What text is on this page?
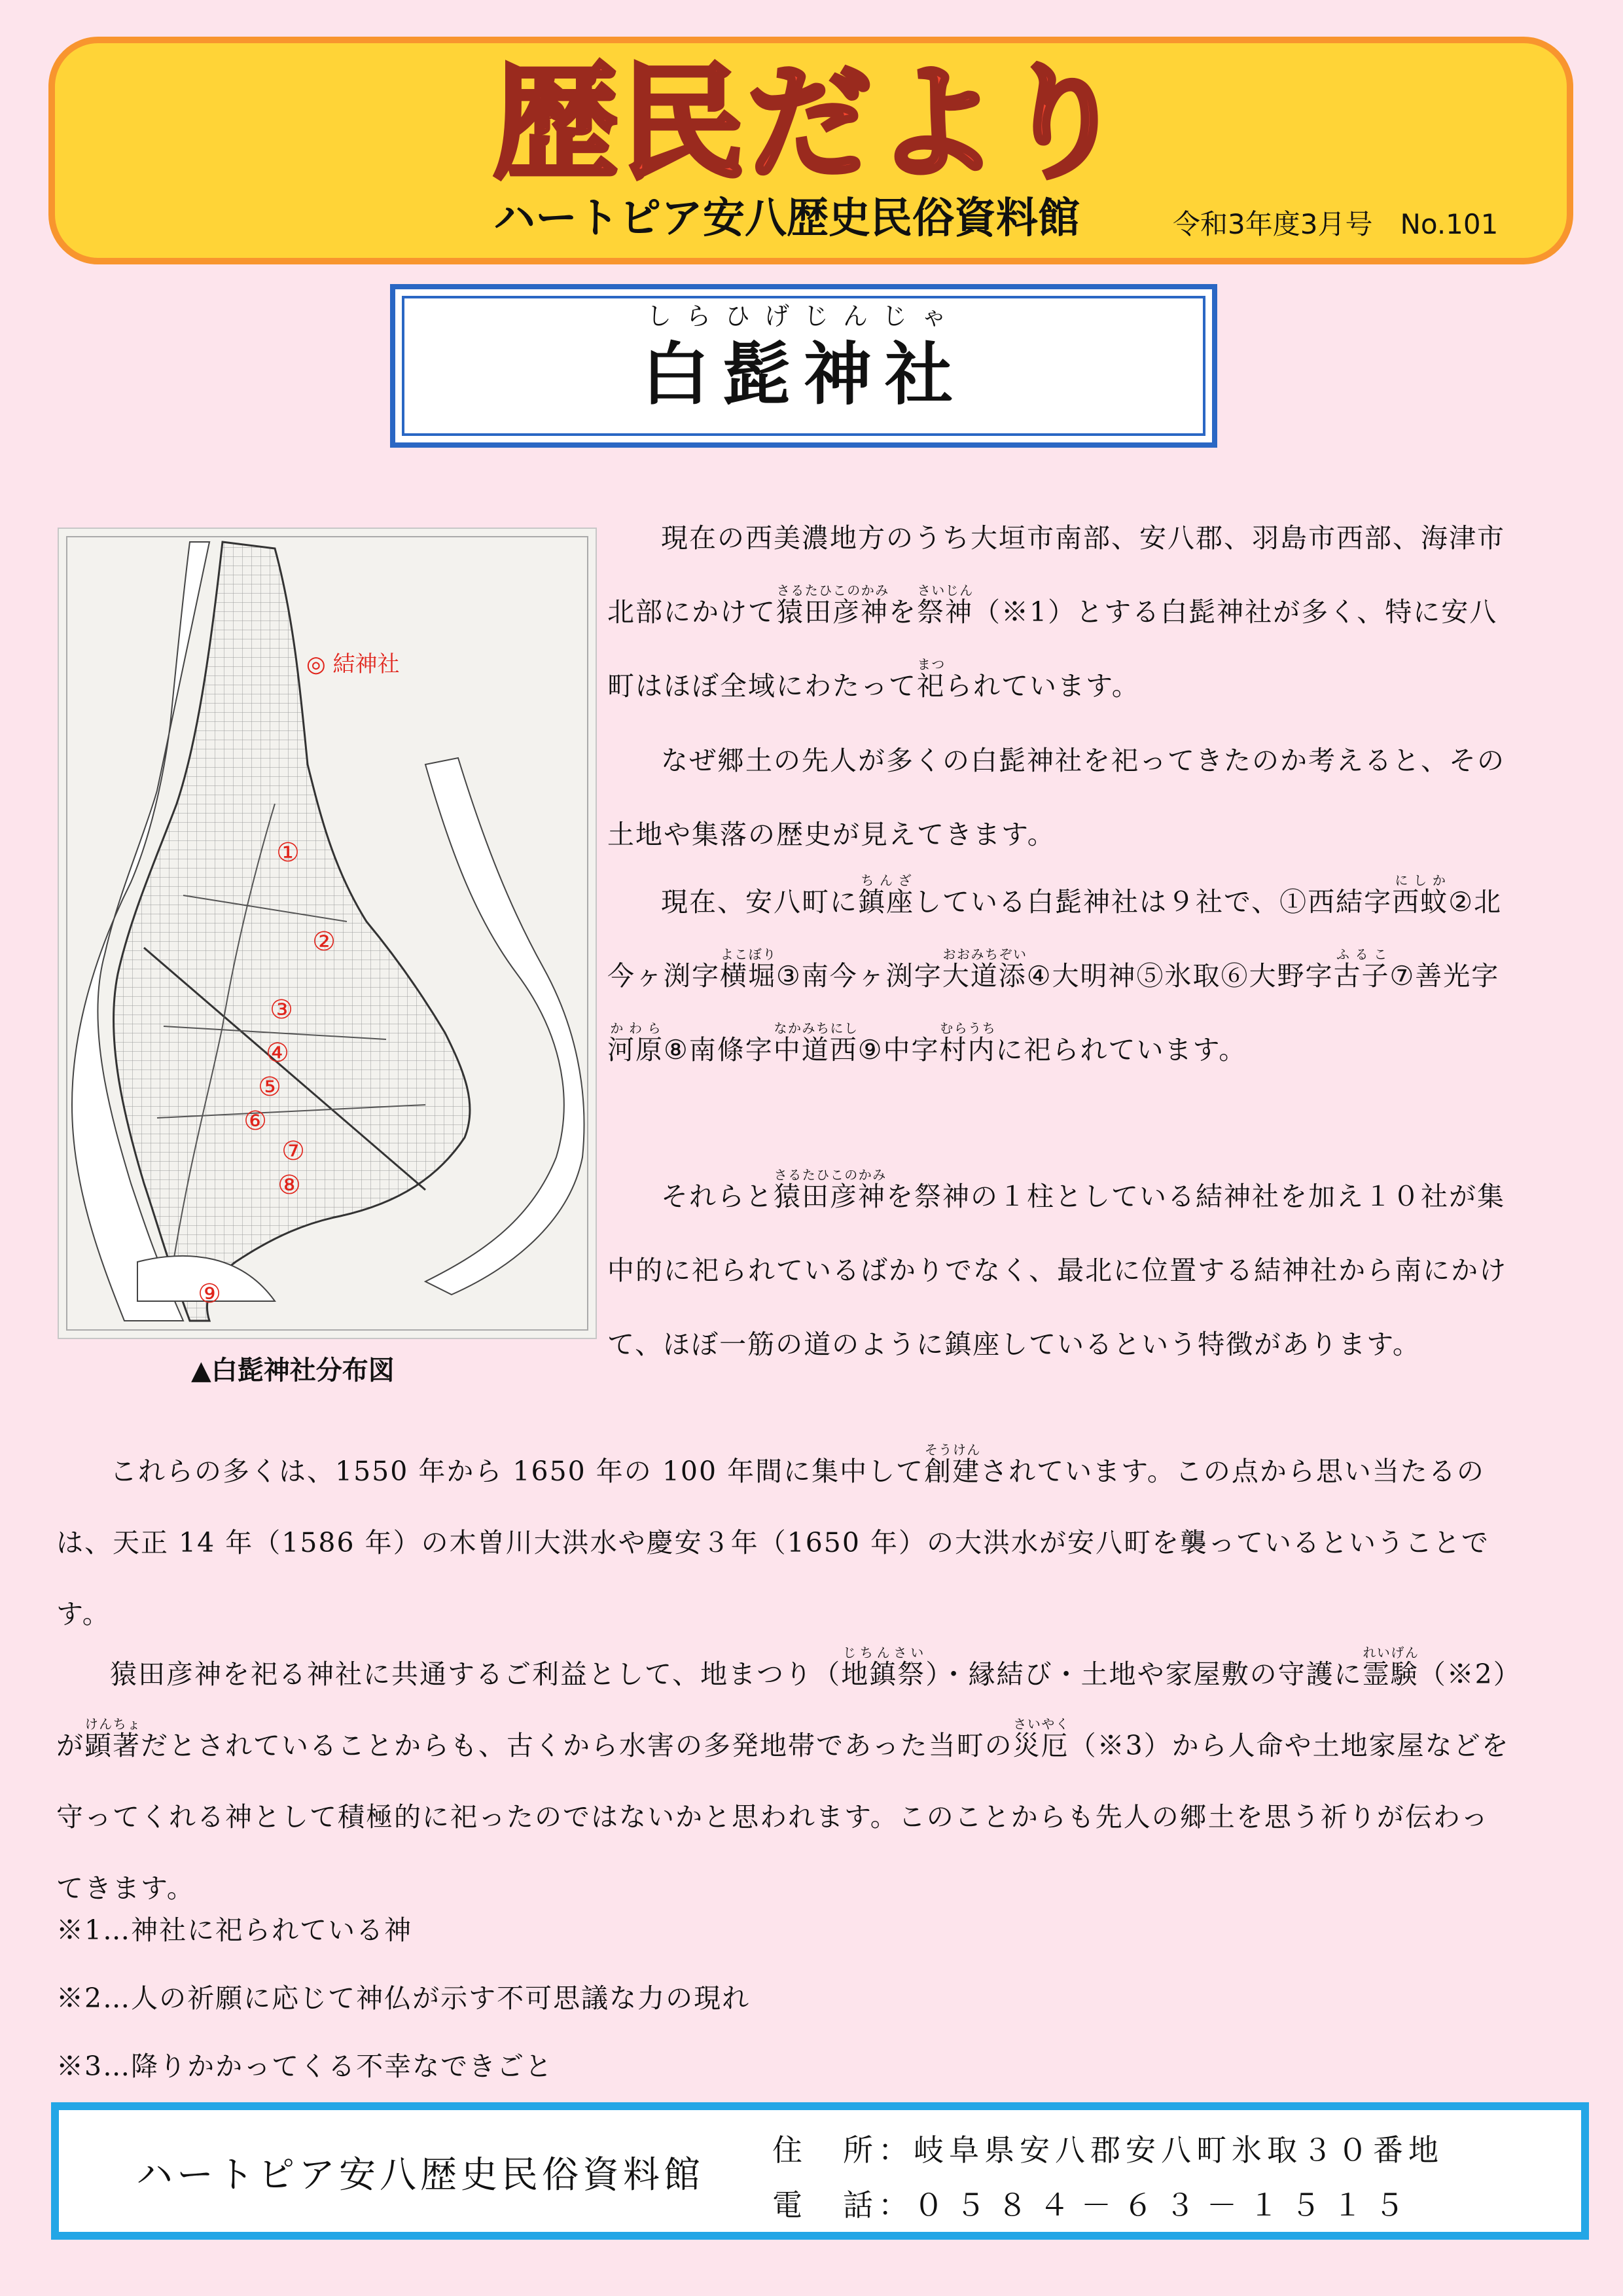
歴民だより
ハートピア安八歴史民俗資料館	令和3年度3月号　No.101
しらひげじんじゃ
白髭神社
◎ 結神社
①
②
③
④
⑤
⑥
⑦
⑧
⑨
▲白髭神社分布図

現在の西美濃地方のうち大垣市南部、安八郡、羽島市西部、海津市北部にかけて猿田彦神さるたひこのかみを祭神さいじん（※1）とする白髭神社が多く、特に安八町はほぼ全域にわたって祀まつられています。

なぜ郷土の先人が多くの白髭神社を祀ってきたのか考えると、その土地や集落の歴史が見えてきます。

現在、安八町に鎮座ちんざしている白髭神社は９社で、①西結字西蚊にしか②北今ヶ渕字横堀よこぼり③南今ヶ渕字大道添おおみちぞい④大明神⑤氷取⑥大野字古子ふるこ⑦善光字河原かわら⑧南條字中道西なかみちにし⑨中字村内むらうちに祀られています。

それらと猿田彦神さるたひこのかみを祭神の１柱としている結神社を加え１０社が集中的に祀られているばかりでなく、最北に位置する結神社から南にかけて、ほぼ一筋の道のように鎮座しているという特徴があります。

これらの多くは、1550 年から 1650 年の 100 年間に集中して創建そうけんされています。この点から思い当たるのは、天正 14 年（1586 年）の木曽川大洪水や慶安３年（1650 年）の大洪水が安八町を襲っているということです。

猿田彦神を祀る神社に共通するご利益として、地まつり（地鎮祭じちんさい）・縁結び・土地や家屋敷の守護に霊験れいげん（※2）が顕著けんちょだとされていることからも、古くから水害の多発地帯であった当町の災厄さいやく（※3）から人命や土地家屋などを守ってくれる神として積極的に祀ったのではないかと思われます。このことからも先人の郷土を思う祈りが伝わってきます。

※1…神社に祀られている神

※2…人の祈願に応じて神仏が示す不可思議な力の現れ

※3…降りかかってくる不幸なできごと

ハートピア安八歴史民俗資料館
住　所：岐阜県安八郡安八町氷取３０番地
電　話：０５８４－６３－１５１５
